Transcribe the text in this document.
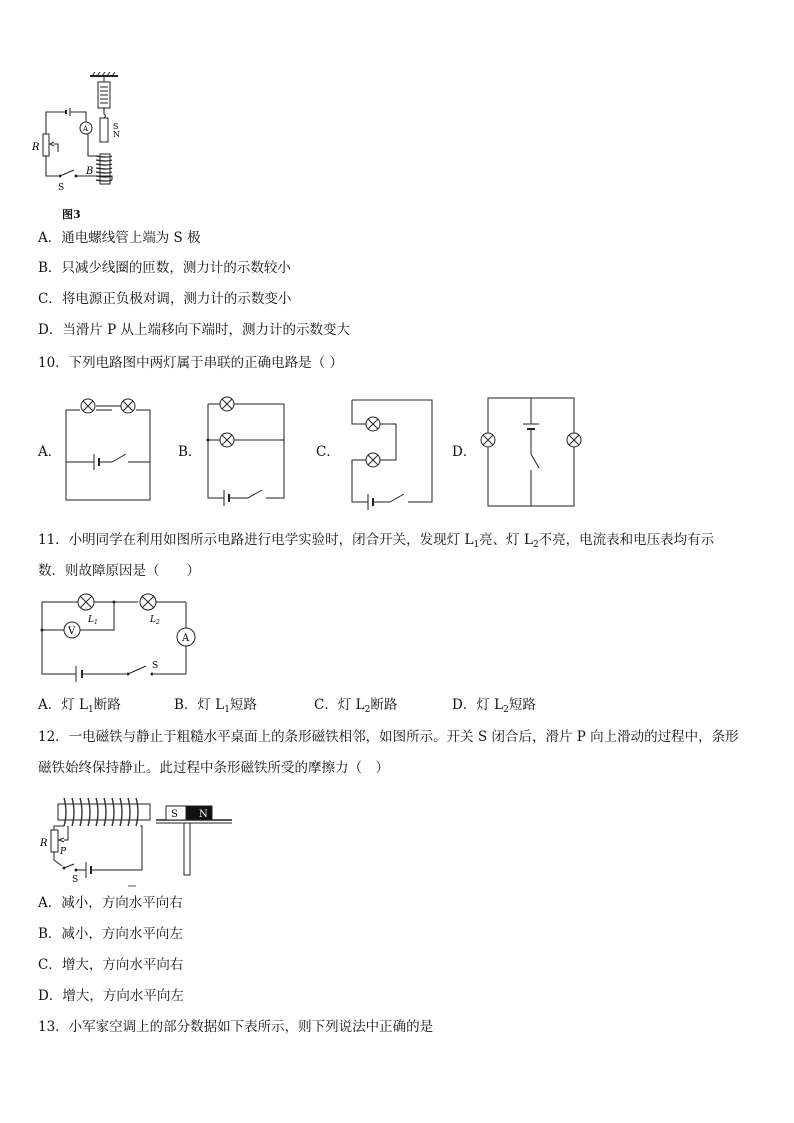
S
N
B
A
R
S
图3
A．通电螺线管上端为 S 极
B．只减少线圈的匝数，测力计的示数较小
C．将电源正负极对调，测力计的示数变小
D．当滑片 P 从上端移向下端时，测力计的示数变大
10．下列电路图中两灯属于串联的正确电路是（ ）
A．	B．	C．	D．
11．小明同学在利用如图所示电路进行电学实验时，闭合开关，发现灯 $L_1$亮、灯 $L_2$不亮，电流表和电压表均有示
数．则故障原因是（　　）
$L_1$	$L_2$
V
A
S
A．灯 $L_1$断路	B．灯 $L_1$短路	C．灯 $L_2$断路	D．灯 $L_2$短路
12．一电磁铁与静止于粗糙水平桌面上的条形磁铁相邻，如图所示。开关 S 闭合后，滑片 P 向上滑动的过程中，条形
磁铁始终保持静止。此过程中条形磁铁所受的摩擦力（　）
R
P
S
S N
A．减小，方向水平向右
B．减小，方向水平向左
C．增大，方向水平向右
D．增大，方向水平向左
13．小军家空调上的部分数据如下表所示，则下列说法中正确的是
